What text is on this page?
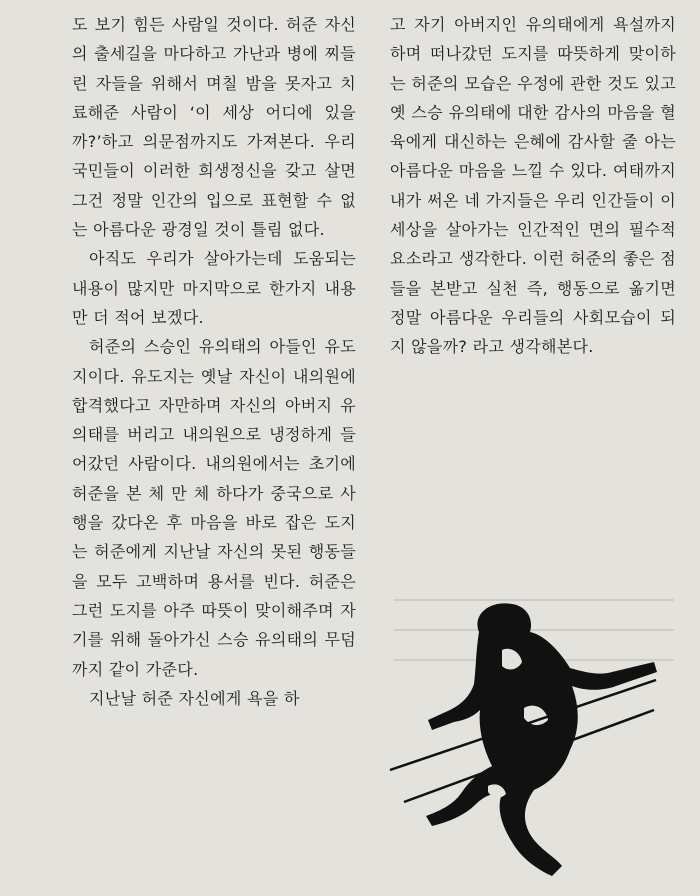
도 보기 힘든 사람일 것이다. 허준 자신의 출세길을 마다하고 가난과 병에 찌들린 자들을 위해서 며칠 밤을 못자고 치료해준 사람이 ‘이 세상 어디에 있을까?’하고 의문점까지도 가져본다. 우리 국민들이 이러한 희생정신을 갖고 살면 그건 정말 인간의 입으로 표현할 수 없는 아름다운 광경일 것이 틀림 없다.

아직도 우리가 살아가는데 도움되는 내용이 많지만 마지막으로 한가지 내용만 더 적어 보겠다.

허준의 스승인 유의태의 아들인 유도지이다. 유도지는 옛날 자신이 내의원에 합격했다고 자만하며 자신의 아버지 유의태를 버리고 내의원으로 냉정하게 들어갔던 사람이다. 내의원에서는 초기에 허준을 본 체 만 체 하다가 중국으로 사행을 갔다온 후 마음을 바로 잡은 도지는 허준에게 지난날 자신의 못된 행동들을 모두 고백하며 용서를 빈다. 허준은 그런 도지를 아주 따뜻이 맞이해주며 자기를 위해 돌아가신 스승 유의태의 무덤까지 같이 가준다.

지난날 허준 자신에게 욕을 하

고 자기 아버지인 유의태에게 욕설까지하며 떠나갔던 도지를 따뜻하게 맞이하는 허준의 모습은 우정에 관한 것도 있고 옛 스승 유의태에 대한 감사의 마음을 혈육에게 대신하는 은혜에 감사할 줄 아는 아름다운 마음을 느낄 수 있다. 여태까지 내가 써온 네 가지들은 우리 인간들이 이 세상을 살아가는 인간적인 면의 필수적 요소라고 생각한다. 이런 허준의 좋은 점들을 본받고 실천 즉, 행동으로 옮기면 정말 아름다운 우리들의 사회모습이 되지 않을까? 라고 생각해본다.
